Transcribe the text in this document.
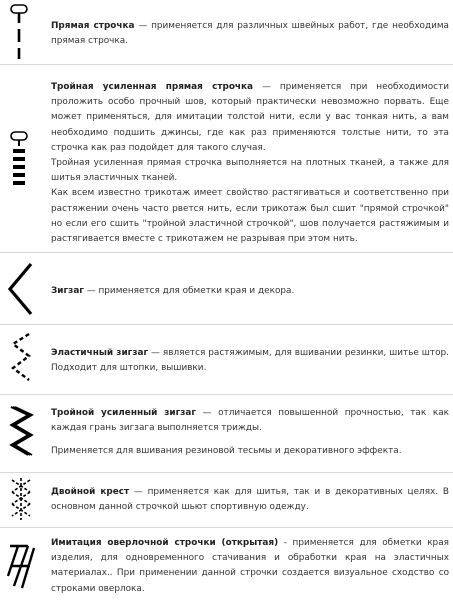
Прямая строчка — применяется для различных швейных работ, где необходима прямая строчка.

Тройная усиленная прямая строчка — применяется при необходимости проложить особо прочный шов, который практически невозможно порвать. Еще может применяться, для имитации толстой нити, если у вас тонкая нить, а вам необходимо подшить джинсы, где как раз применяются толстые нити, то эта строчка как раз подойдет для такого случая.

Тройная усиленная прямая строчка выполняется на плотных тканей, а также для шитья эластичных тканей.

Как всем известно трикотаж имеет свойство растягиваться и соответственно при растяжении очень часто рвется нить, если трикотаж был сшит "прямой строчкой" но если его сшить "тройной эластичной строчкой", шов получается растяжимым и растягивается вместе с трикотажем не разрывая при этом нить.

Зигзаг — применяется для обметки края и декора.

Эластичный зигзаг — является растяжимым, для вшивании резинки, шитье штор. Подходит для штопки, вышивки.

Тройной усиленный зигзаг — отличается повышенной прочностью, так как каждая грань зигзага выполняется трижды.

Применяется для вшивания резиновой тесьмы и декоративного эффекта.

Двойной крест — применяется как для шитья, так и в декоративных целях. В основном данной строчкой шьют спортивную одежду.

Имитация оверлочной строчки (открытая) - применяется для обметки края изделия, для одновременного стачивания и обработки края на эластичных материалах.. При применении данной строчки создается визуальное сходство со строками оверлока.
